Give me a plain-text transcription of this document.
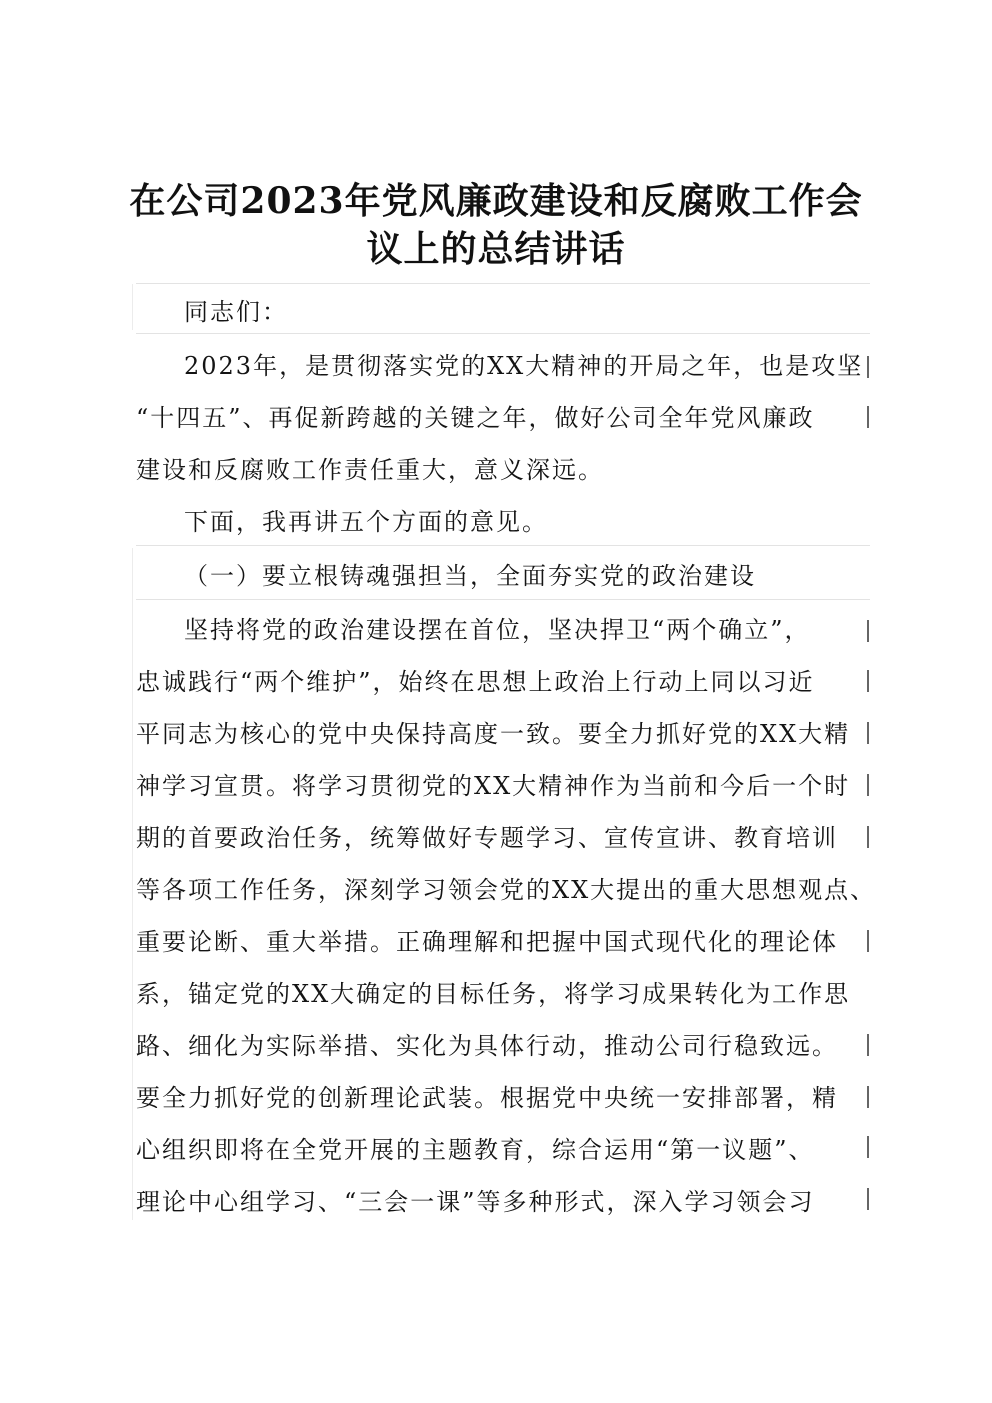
在公司2023年党风廉政建设和反腐败工作会
议上的总结讲话
同志们：
2023年，是贯彻落实党的XX大精神的开局之年，也是攻坚
“十四五”、再促新跨越的关键之年，做好公司全年党风廉政
建设和反腐败工作责任重大，意义深远。
下面，我再讲五个方面的意见。
（一）要立根铸魂强担当，全面夯实党的政治建设
坚持将党的政治建设摆在首位，坚决捍卫“两个确立”，
忠诚践行“两个维护”，始终在思想上政治上行动上同以习近
平同志为核心的党中央保持高度一致。要全力抓好党的XX大精
神学习宣贯。将学习贯彻党的XX大精神作为当前和今后一个时
期的首要政治任务，统筹做好专题学习、宣传宣讲、教育培训
等各项工作任务，深刻学习领会党的XX大提出的重大思想观点、
重要论断、重大举措。正确理解和把握中国式现代化的理论体
系，锚定党的XX大确定的目标任务，将学习成果转化为工作思
路、细化为实际举措、实化为具体行动，推动公司行稳致远。
要全力抓好党的创新理论武装。根据党中央统一安排部署，精
心组织即将在全党开展的主题教育，综合运用“第一议题”、
理论中心组学习、“三会一课”等多种形式，深入学习领会习
